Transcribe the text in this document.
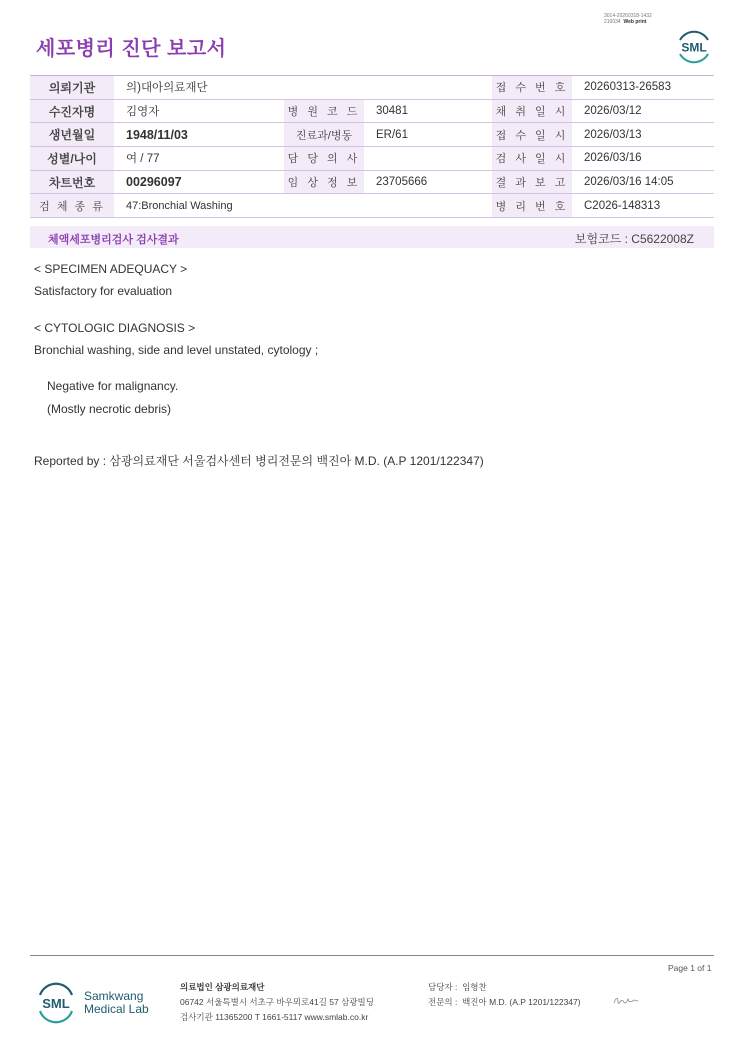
3014-20260318-1432
210034 Web print
세포병리 진단 보고서	SML
의뢰기관	의)대아의료재단			접 수 번 호	20260313-26583
수진자명	김영자	병 원 코 드	30481	채 취 일 시	2026/03/12
생년월일	1948/11/03	진료과/병동	ER/61	접 수 일 시	2026/03/13
성별/나이	여 / 77	담 당 의 사		검 사 일 시	2026/03/16
차트번호	00296097	임 상 정 보	23705666	결 과 보 고	2026/03/16 14:05
검 체 종 류	47:Bronchial Washing			병 리 번 호	C2026-148313
체액세포병리검사 검사결과	보험코드 : C5622008Z
< SPECIMEN ADEQUACY >
Satisfactory for evaluation
< CYTOLOGIC DIAGNOSIS >
Bronchial washing, side and level unstated, cytology ;
Negative for malignancy.
(Mostly necrotic debris)
Reported by : 삼광의료재단 서울검사센터 병리전문의 백진아 M.D. (A.P 1201/122347)
Page 1 of 1
SML Samkwang
Medical Lab
의료법인 삼광의료재단
06742 서울특별시 서초구 바우뫼로41길 57 삼광빌딩
검사기관 11365200 T 1661-5117 www.smlab.co.kr
담당자 : 임형찬
전문의 : 백진아 M.D. (A.P 1201/122347)
